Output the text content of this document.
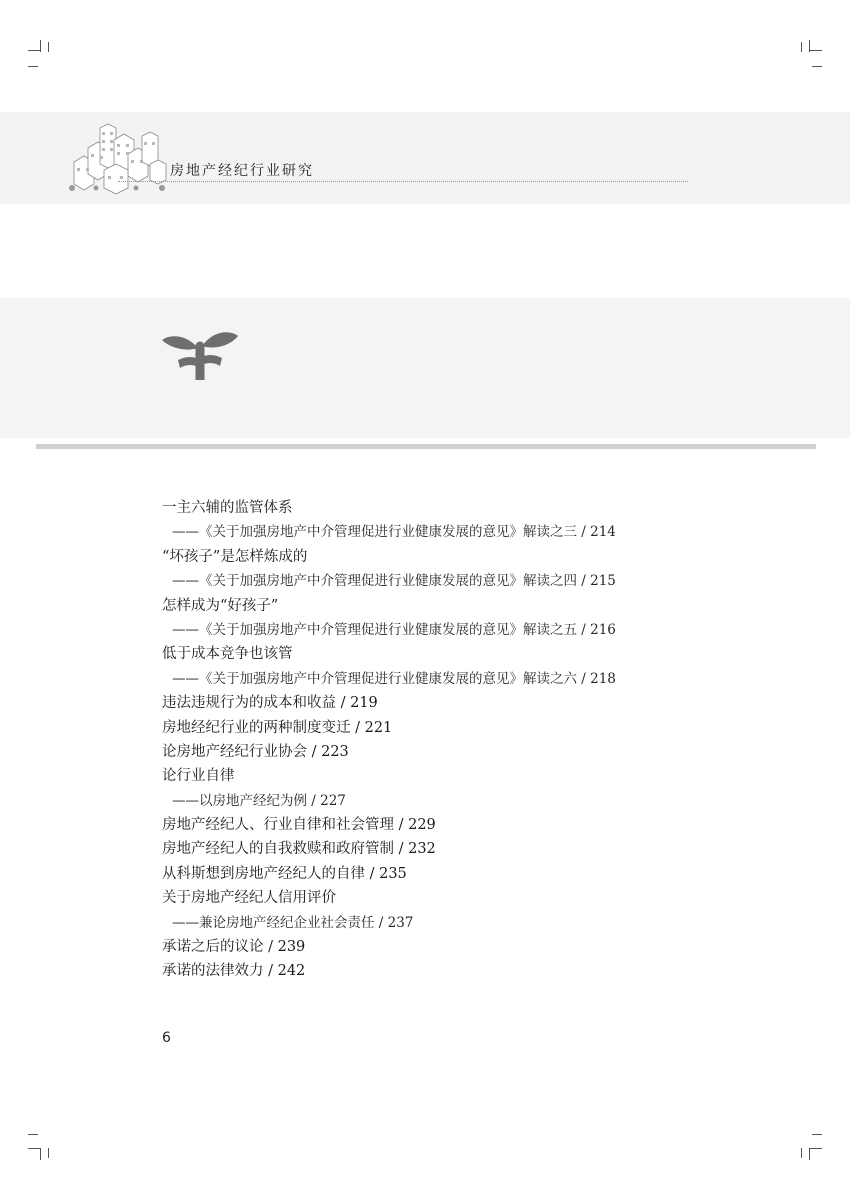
房地产经纪行业研究
一主六辅的监管体系
——《关于加强房地产中介管理促进行业健康发展的意见》解读之三 / 214
“坏孩子”是怎样炼成的
——《关于加强房地产中介管理促进行业健康发展的意见》解读之四 / 215
怎样成为“好孩子”
——《关于加强房地产中介管理促进行业健康发展的意见》解读之五 / 216
低于成本竞争也该管
——《关于加强房地产中介管理促进行业健康发展的意见》解读之六 / 218
违法违规行为的成本和收益 / 219
房地经纪行业的两种制度变迁 / 221
论房地产经纪行业协会 / 223
论行业自律
——以房地产经纪为例 / 227
房地产经纪人、行业自律和社会管理 / 229
房地产经纪人的自我救赎和政府管制 / 232
从科斯想到房地产经纪人的自律 / 235
关于房地产经纪人信用评价
——兼论房地产经纪企业社会责任 / 237
承诺之后的议论 / 239
承诺的法律效力 / 242
6
